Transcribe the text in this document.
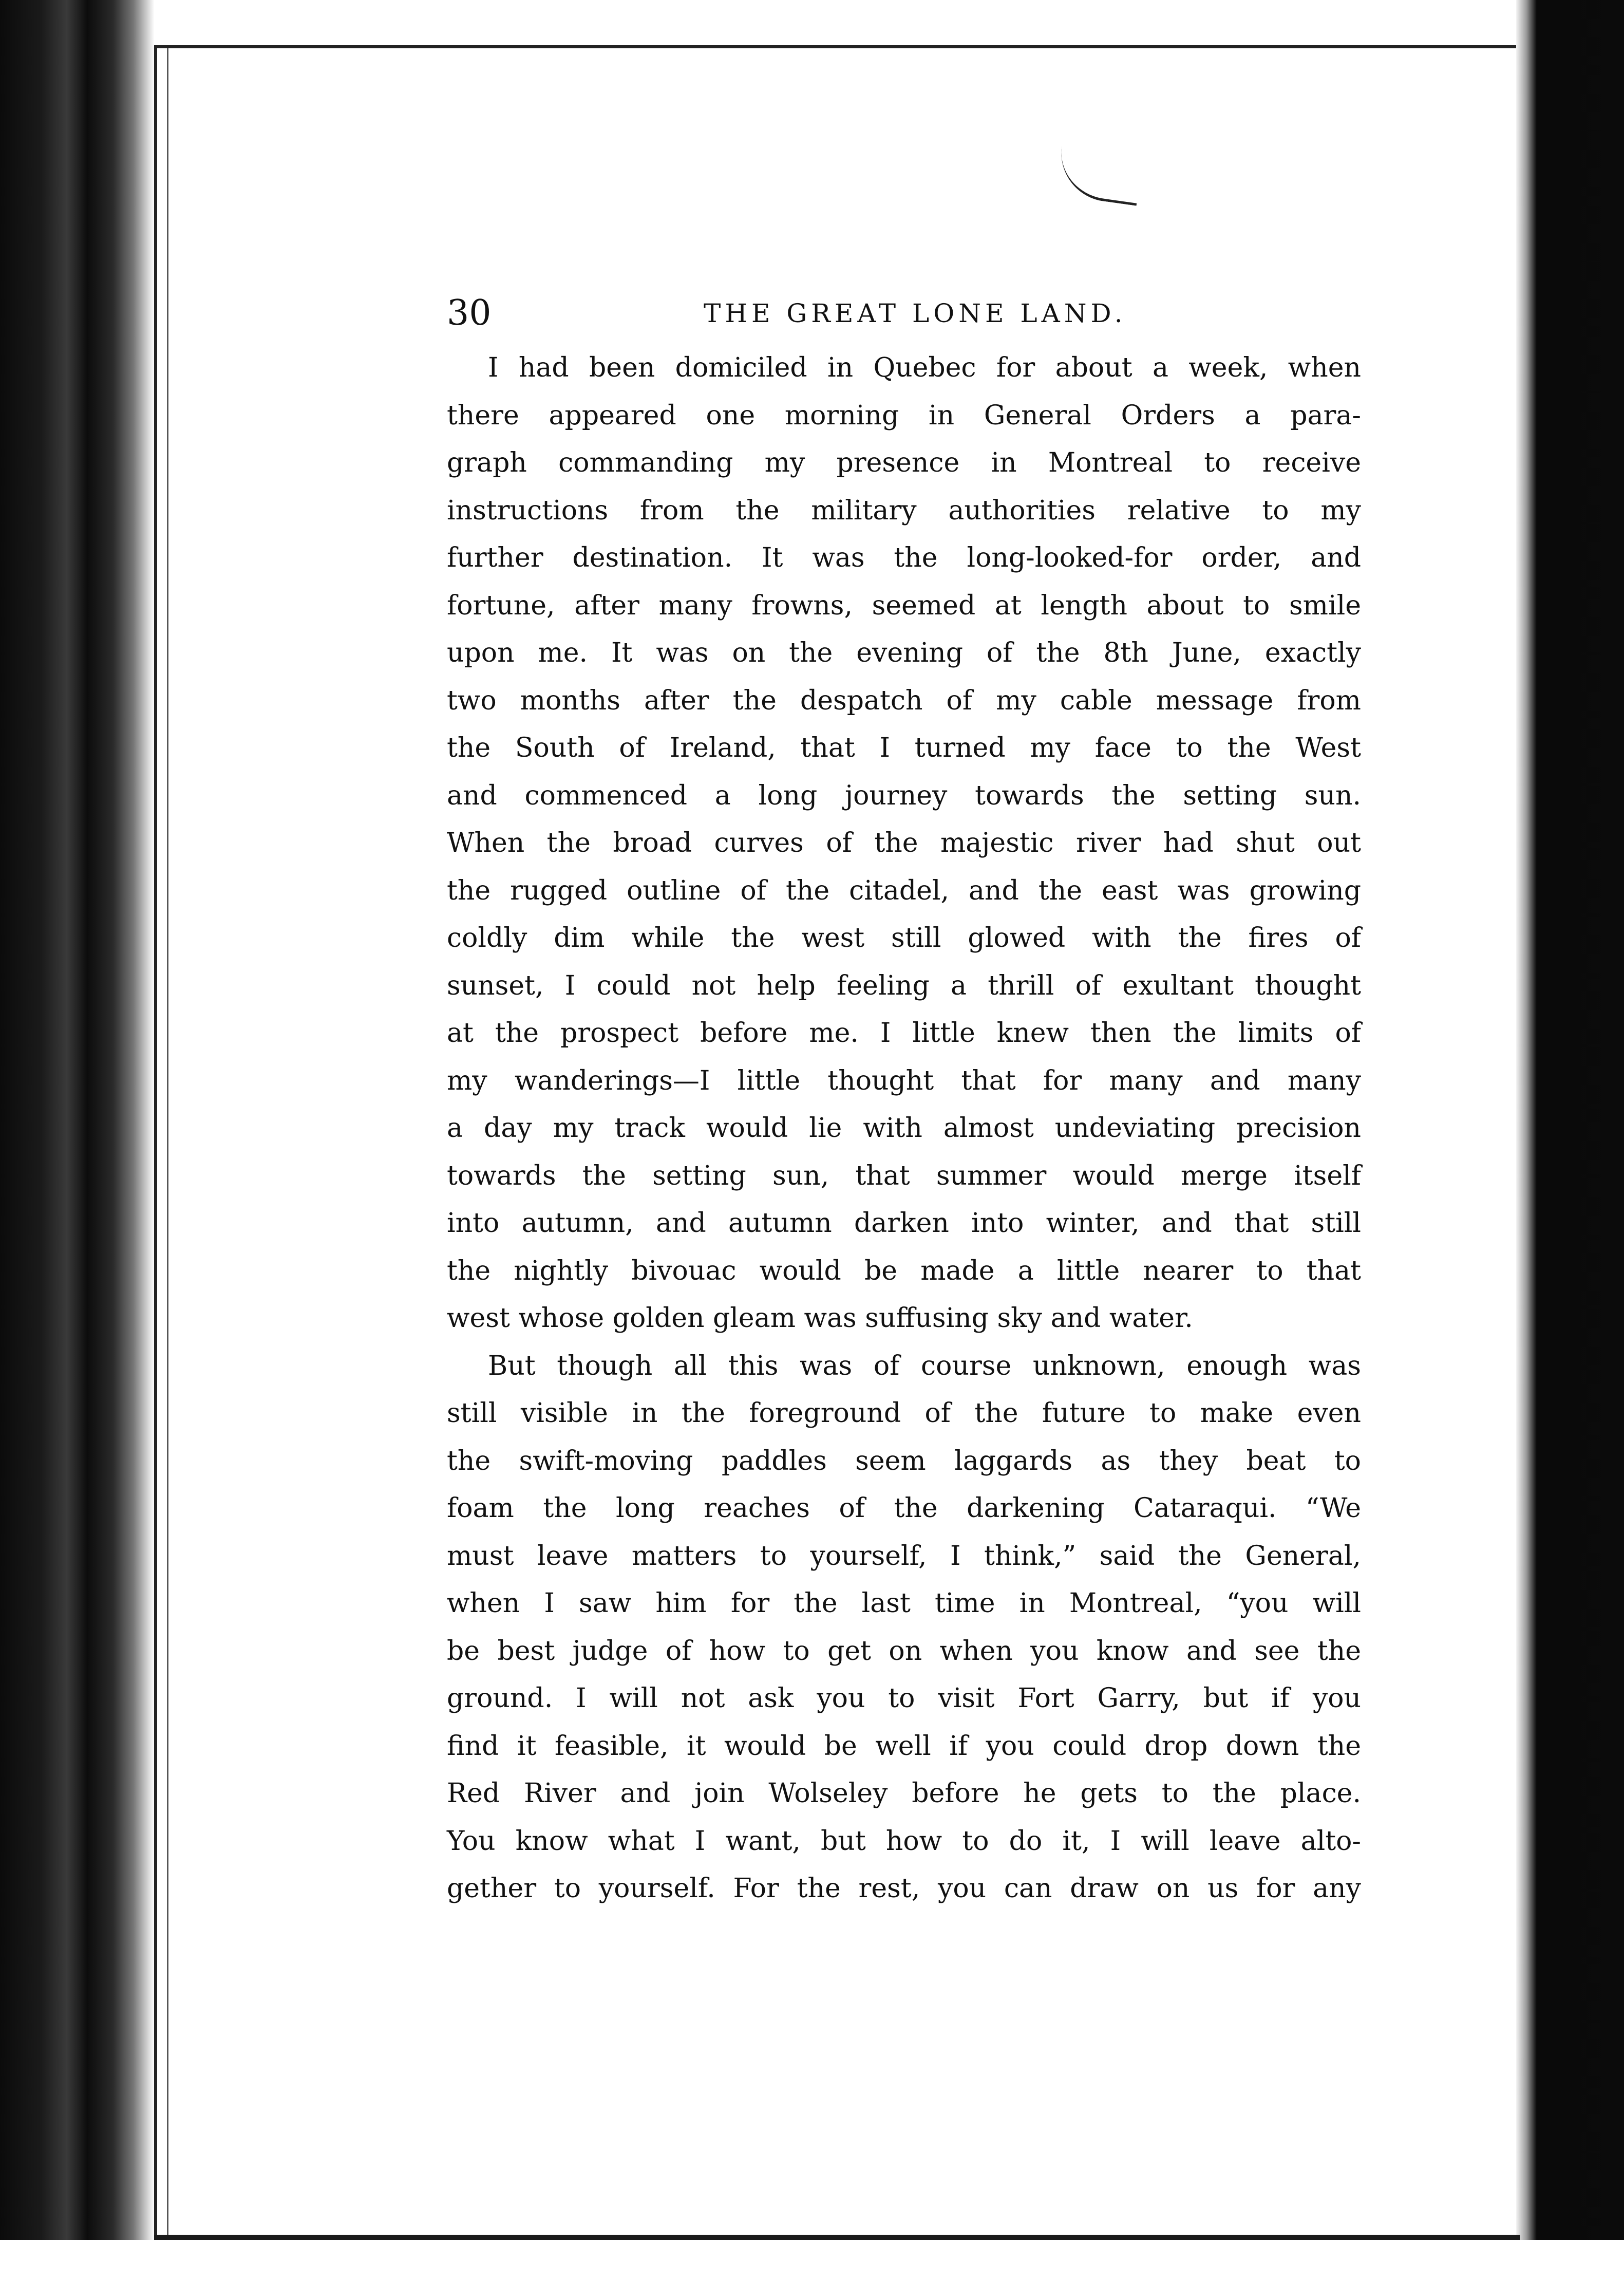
30	THE GREAT LONE LAND.

I had been domiciled in Quebec for about a week, when

there appeared one morning in General Orders a para-

graph commanding my presence in Montreal to receive

instructions from the military authorities relative to my

further destination. It was the long-looked-for order, and

fortune, after many frowns, seemed at length about to smile

upon me. It was on the evening of the 8th June, exactly

two months after the despatch of my cable message from

the South of Ireland, that I turned my face to the West

and commenced a long journey towards the setting sun.

When the broad curves of the majestic river had shut out

the rugged outline of the citadel, and the east was growing

coldly dim while the west still glowed with the fires of

sunset, I could not help feeling a thrill of exultant thought

at the prospect before me. I little knew then the limits of

my wanderings—I little thought that for many and many

a day my track would lie with almost undeviating precision

towards the setting sun, that summer would merge itself

into autumn, and autumn darken into winter, and that still

the nightly bivouac would be made a little nearer to that

west whose golden gleam was suffusing sky and water.

But though all this was of course unknown, enough was

still visible in the foreground of the future to make even

the swift-moving paddles seem laggards as they beat to

foam the long reaches of the darkening Cataraqui. “We

must leave matters to yourself, I think,” said the General,

when I saw him for the last time in Montreal, “you will

be best judge of how to get on when you know and see the

ground. I will not ask you to visit Fort Garry, but if you

find it feasible, it would be well if you could drop down the

Red River and join Wolseley before he gets to the place.

You know what I want, but how to do it, I will leave alto-

gether to yourself. For the rest, you can draw on us for any
